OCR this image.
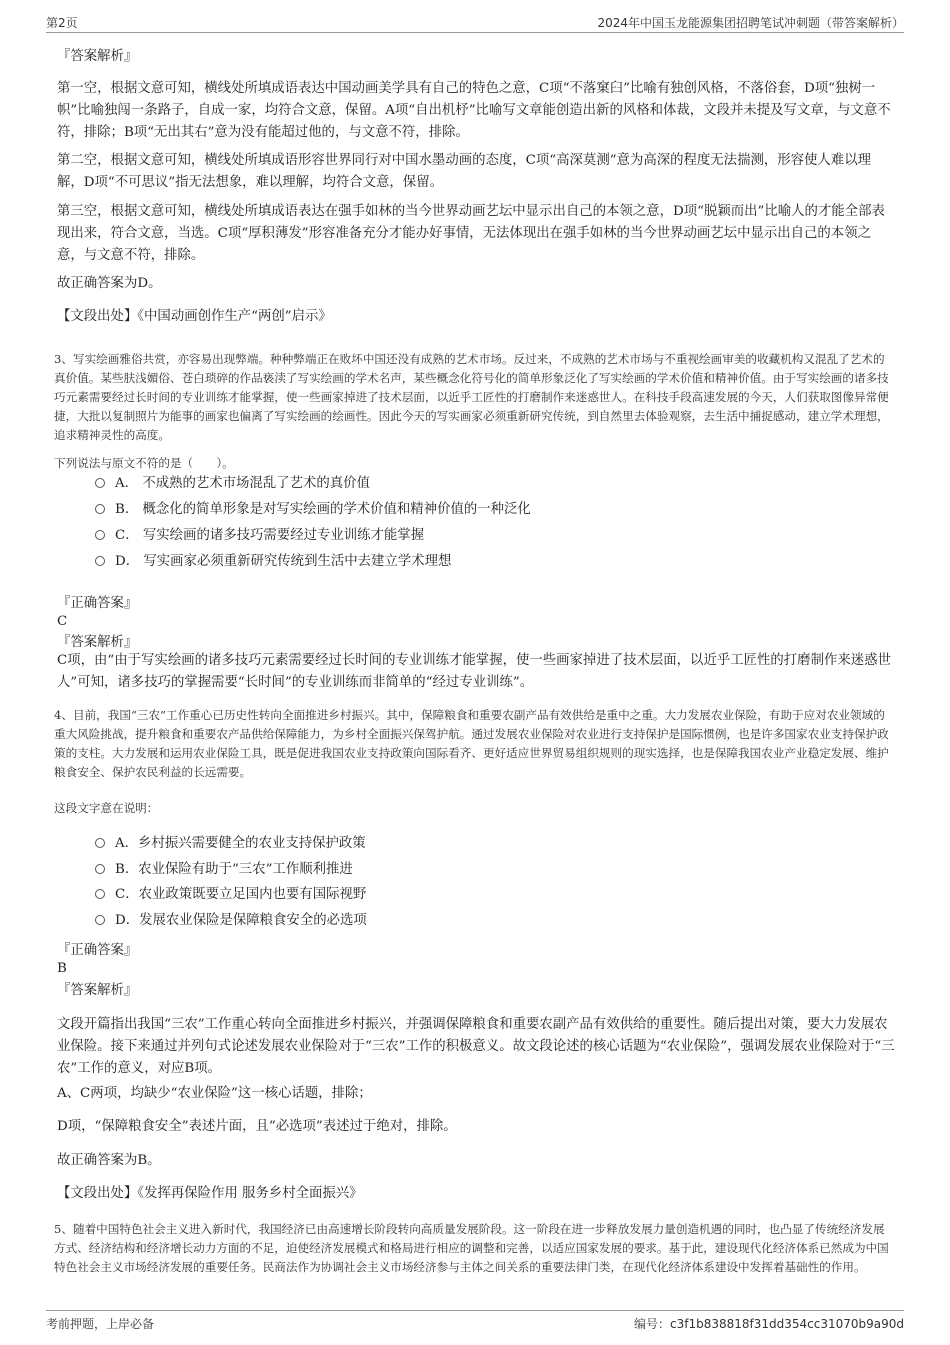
第2页	2024年中国玉龙能源集团招聘笔试冲刺题（带答案解析）
『答案解析』
第一空，根据文意可知，横线处所填成语表达中国动画美学具有自己的特色之意，C项“不落窠臼”比喻有独创风格，不落俗套，D项“独树一帜”比喻独闯一条路子，自成一家，均符合文意，保留。A项“自出机杼”比喻写文章能创造出新的风格和体裁，文段并未提及写文章，与文意不符，排除；B项“无出其右”意为没有能超过他的，与文意不符，排除。
第二空，根据文意可知，横线处所填成语形容世界同行对中国水墨动画的态度，C项“高深莫测”意为高深的程度无法揣测，形容使人难以理解，D项“不可思议”指无法想象，难以理解，均符合文意，保留。
第三空，根据文意可知，横线处所填成语表达在强手如林的当今世界动画艺坛中显示出自己的本领之意，D项“脱颖而出”比喻人的才能全部表现出来，符合文意，当选。C项“厚积薄发”形容准备充分才能办好事情，无法体现出在强手如林的当今世界动画艺坛中显示出自己的本领之意，与文意不符，排除。
故正确答案为D。
【文段出处】《中国动画创作生产“两创”启示》
3、写实绘画雅俗共赏，亦容易出现弊端。种种弊端正在败坏中国还没有成熟的艺术市场。反过来，不成熟的艺术市场与不重视绘画审美的收藏机构又混乱了艺术的真价值。某些肤浅媚俗、苍白琐碎的作品亵渎了写实绘画的学术名声，某些概念化符号化的简单形象泛化了写实绘画的学术价值和精神价值。由于写实绘画的诸多技巧元素需要经过长时间的专业训练才能掌握，使一些画家掉进了技术层面，以近乎工匠性的打磨制作来迷惑世人。在科技手段高速发展的今天，人们获取图像异常便捷，大批以复制照片为能事的画家也偏离了写实绘画的绘画性。因此今天的写实画家必须重新研究传统，到自然里去体验观察，去生活中捕捉感动，建立学术理想，追求精神灵性的高度。
下列说法与原文不符的是（　　）。
A． 不成熟的艺术市场混乱了艺术的真价值
B． 概念化的简单形象是对写实绘画的学术价值和精神价值的一种泛化
C． 写实绘画的诸多技巧需要经过专业训练才能掌握
D． 写实画家必须重新研究传统到生活中去建立学术理想
『正确答案』
C
『答案解析』
C项，由“由于写实绘画的诸多技巧元素需要经过长时间的专业训练才能掌握，使一些画家掉进了技术层面，以近乎工匠性的打磨制作来迷惑世人”可知，诸多技巧的掌握需要“长时间”的专业训练而非简单的“经过专业训练”。
4、目前，我国“三农”工作重心已历史性转向全面推进乡村振兴。其中，保障粮食和重要农副产品有效供给是重中之重。大力发展农业保险，有助于应对农业领域的重大风险挑战，提升粮食和重要农产品供给保障能力，为乡村全面振兴保驾护航。通过发展农业保险对农业进行支持保护是国际惯例，也是许多国家农业支持保护政策的支柱。大力发展和运用农业保险工具，既是促进我国农业支持政策向国际看齐、更好适应世界贸易组织规则的现实选择，也是保障我国农业产业稳定发展、维护粮食安全、保护农民利益的长远需要。
这段文字意在说明：
A．乡村振兴需要健全的农业支持保护政策
B．农业保险有助于“三农”工作顺利推进
C．农业政策既要立足国内也要有国际视野
D．发展农业保险是保障粮食安全的必选项
『正确答案』
B
『答案解析』
文段开篇指出我国“三农”工作重心转向全面推进乡村振兴，并强调保障粮食和重要农副产品有效供给的重要性。随后提出对策，要大力发展农业保险。接下来通过并列句式论述发展农业保险对于“三农”工作的积极意义。故文段论述的核心话题为“农业保险”，强调发展农业保险对于“三农”工作的意义，对应B项。
A、C两项，均缺少“农业保险”这一核心话题，排除；
D项，“保障粮食安全”表述片面，且“必选项”表述过于绝对，排除。
故正确答案为B。
【文段出处】《发挥再保险作用 服务乡村全面振兴》
5、随着中国特色社会主义进入新时代，我国经济已由高速增长阶段转向高质量发展阶段。这一阶段在进一步释放发展力量创造机遇的同时，也凸显了传统经济发展方式、经济结构和经济增长动力方面的不足，迫使经济发展模式和格局进行相应的调整和完善，以适应国家发展的要求。基于此，建设现代化经济体系已然成为中国特色社会主义市场经济发展的重要任务。民商法作为协调社会主义市场经济参与主体之间关系的重要法律门类，在现代化经济体系建设中发挥着基础性的作用。
考前押题，上岸必备	编号：c3f1b838818f31dd354cc31070b9a90d
